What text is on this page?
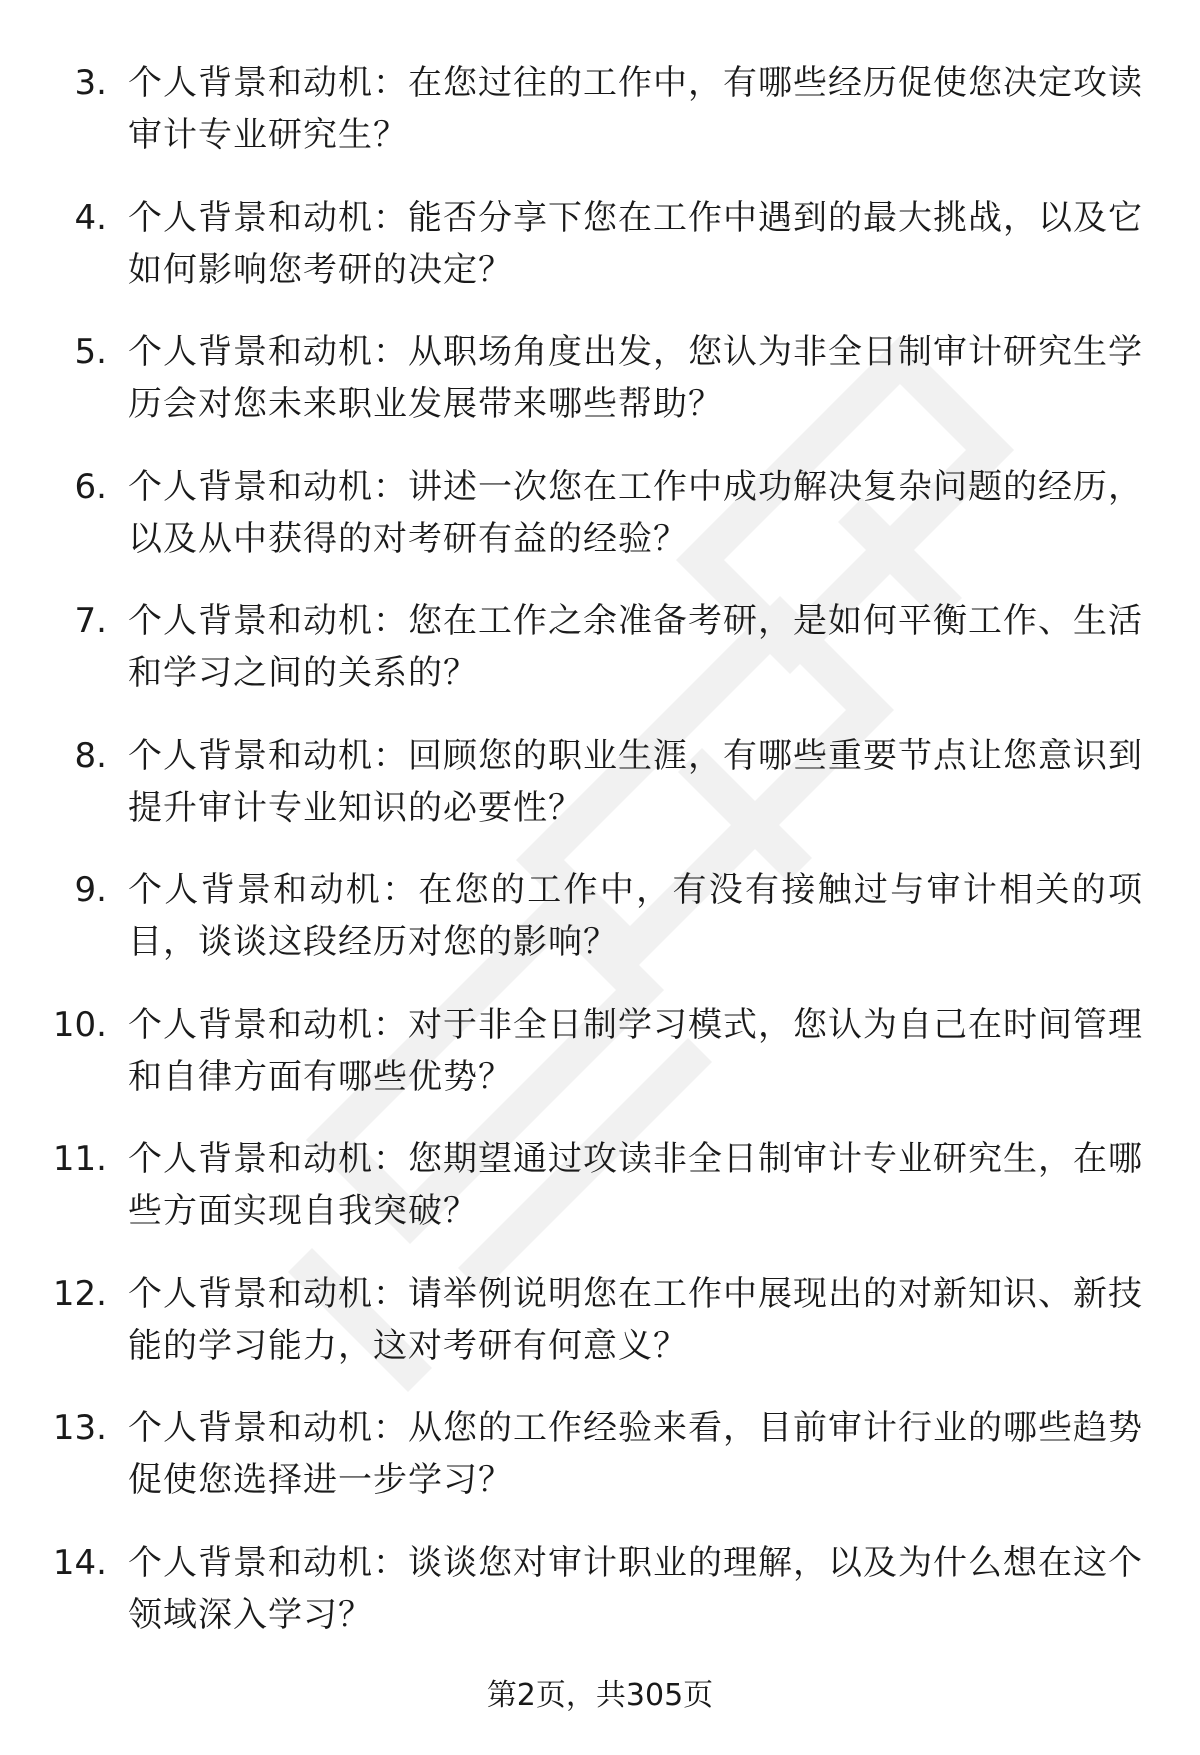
3. 个人背景和动机：在您过往的工作中，有哪些经历促使您决定攻读审计专业研究生？
4. 个人背景和动机：能否分享下您在工作中遇到的最大挑战，以及它如何影响您考研的决定？
5. 个人背景和动机：从职场角度出发，您认为非全日制审计研究生学历会对您未来职业发展带来哪些帮助？
6. 个人背景和动机：讲述一次您在工作中成功解决复杂问题的经历，以及从中获得的对考研有益的经验？
7. 个人背景和动机：您在工作之余准备考研，是如何平衡工作、生活和学习之间的关系的？
8. 个人背景和动机：回顾您的职业生涯，有哪些重要节点让您意识到提升审计专业知识的必要性？
9. 个人背景和动机：在您的工作中，有没有接触过与审计相关的项目，谈谈这段经历对您的影响？
10. 个人背景和动机：对于非全日制学习模式，您认为自己在时间管理和自律方面有哪些优势？
11. 个人背景和动机：您期望通过攻读非全日制审计专业研究生，在哪些方面实现自我突破？
12. 个人背景和动机：请举例说明您在工作中展现出的对新知识、新技能的学习能力，这对考研有何意义？
13. 个人背景和动机：从您的工作经验来看，目前审计行业的哪些趋势促使您选择进一步学习？
14. 个人背景和动机：谈谈您对审计职业的理解，以及为什么想在这个领域深入学习？
第2页，共305页
